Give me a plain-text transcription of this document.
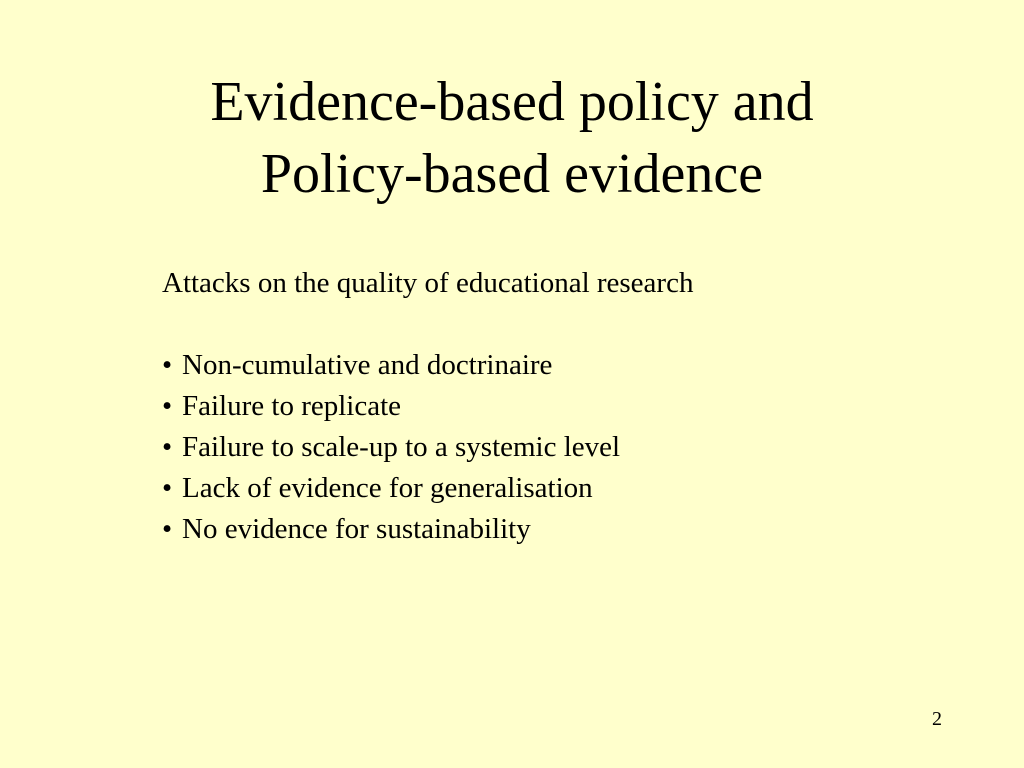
Evidence-based policy and
Policy-based evidence
Attacks on the quality of educational research
• Non-cumulative and doctrinaire
• Failure to replicate
• Failure to scale-up to a systemic level
• Lack of evidence for generalisation
• No evidence for sustainability
2
